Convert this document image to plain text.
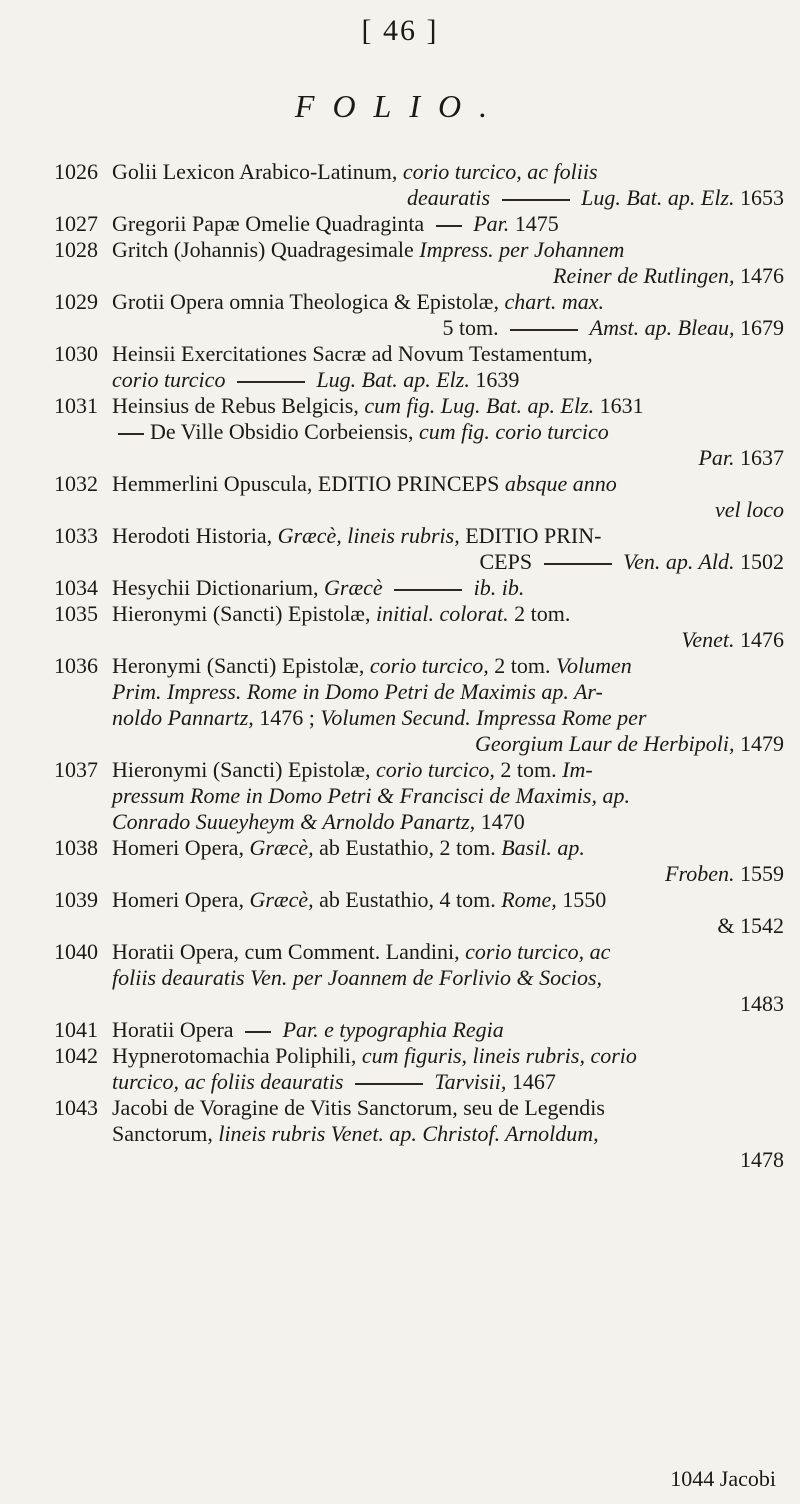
[ 46 ]
FOLIO.
1026 Golii Lexicon Arabico-Latinum, corio turcico, ac foliis
deauratis	Lug. Bat. ap. Elz. 1653
1027 Gregorii Papæ Omelie Quadraginta  Par. 1475
1028 Gritch (Johannis) Quadragesimale Impress. per Johannem
Reiner de Rutlingen, 1476
1029 Grotii Opera omnia Theologica & Epistolæ, chart. max.
5 tom.	Amst. ap. Bleau, 1679
1030 Heinsii Exercitationes Sacræ ad Novum Testamentum,
corio turcico	Lug. Bat. ap. Elz. 1639
1031 Heinsius de Rebus Belgicis, cum fig. Lug. Bat. ap. Elz. 1631
De Ville Obsidio Corbeiensis, cum fig. corio turcico
Par. 1637
1032 Hemmerlini Opuscula, EDITIO PRINCEPS absque anno
vel loco
1033 Herodoti Historia, Græcè, lineis rubris, EDITIO PRIN-
CEPS	Ven. ap. Ald. 1502
1034 Hesychii Dictionarium, Græcè	ib. ib.
1035 Hieronymi (Sancti) Epistolæ, initial. colorat. 2 tom.
Venet. 1476
1036 Heronymi (Sancti) Epistolæ, corio turcico, 2 tom. Volumen
Prim. Impress. Rome in Domo Petri de Maximis ap. Ar-
noldo Pannartz, 1476 ; Volumen Secund. Impressa Rome per
Georgium Laur de Herbipoli, 1479
1037 Hieronymi (Sancti) Epistolæ, corio turcico, 2 tom. Im-
pressum Rome in Domo Petri & Francisci de Maximis, ap.
Conrado Suueyheym & Arnoldo Panartz, 1470
1038 Homeri Opera, Græcè, ab Eustathio, 2 tom. Basil. ap.
Froben. 1559
1039 Homeri Opera, Græcè, ab Eustathio, 4 tom. Rome, 1550
& 1542
1040 Horatii Opera, cum Comment. Landini, corio turcico, ac
foliis deauratis Ven. per Joannem de Forlivio & Socios,
1483
1041 Horatii Opera  Par. e typographia Regia
1042 Hypnerotomachia Poliphili, cum figuris, lineis rubris, corio
turcico, ac foliis deauratis	Tarvisii, 1467
1043 Jacobi de Voragine de Vitis Sanctorum, seu de Legendis
Sanctorum, lineis rubris Venet. ap. Christof. Arnoldum,
1478
1044 Jacobi
